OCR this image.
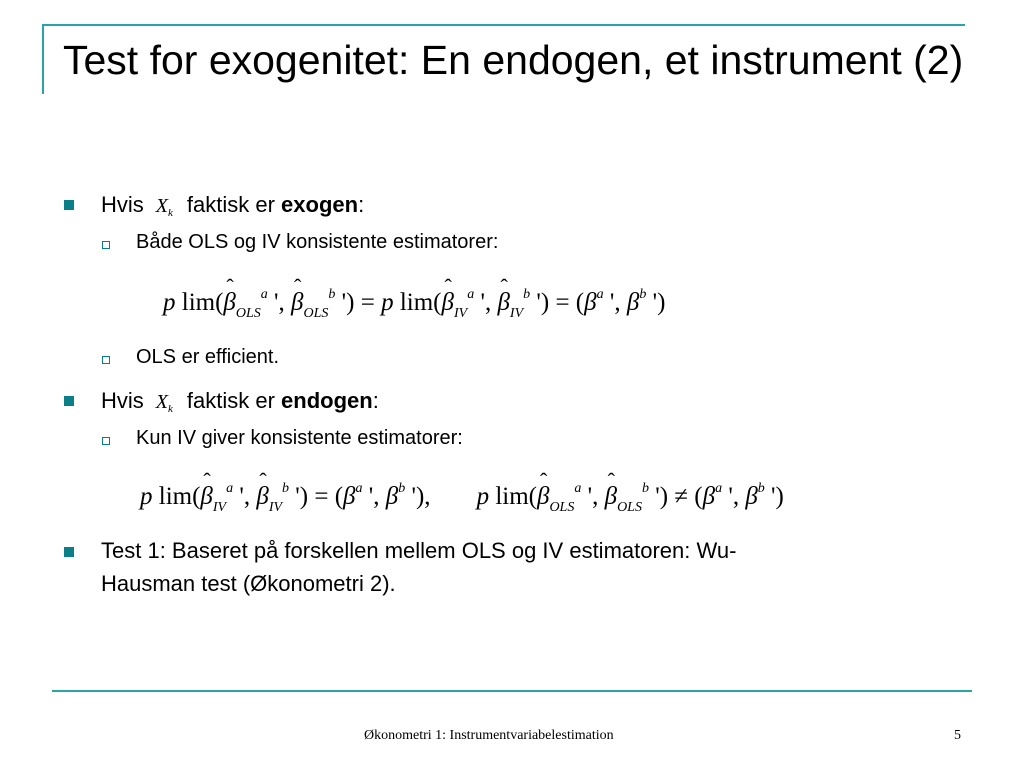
Test for exogenitet: En endogen, et instrument (2)
Hvis $X_k$ faktisk er exogen:
Både OLS og IV konsistente estimatorer:
p lim(ˆ $\beta_{OLS}^a$ ', ˆ $\beta_{OLS}^b$ ') = p lim(ˆ $\beta_{IV}^a$ ', ˆ $\beta_{IV}^b$ ') = ($\beta^a$ ', $\beta^b$ ')
OLS er efficient.
Hvis $X_k$ faktisk er endogen:
Kun IV giver konsistente estimatorer:
p lim(ˆ $\beta_{IV}^a$ ', ˆ $\beta_{IV}^b$ ') = ($\beta^a$ ', $\beta^b$ '), p lim(ˆ $\beta_{OLS}^a$ ', ˆ $\beta_{OLS}^b$ ') ≠ ($\beta^a$ ', $\beta^b$ ')
Test 1: Baseret på forskellen mellem OLS og IV estimatoren: Wu-
Hausman test (Økonometri 2).
Økonometri 1: Instrumentvariabelestimation	5
